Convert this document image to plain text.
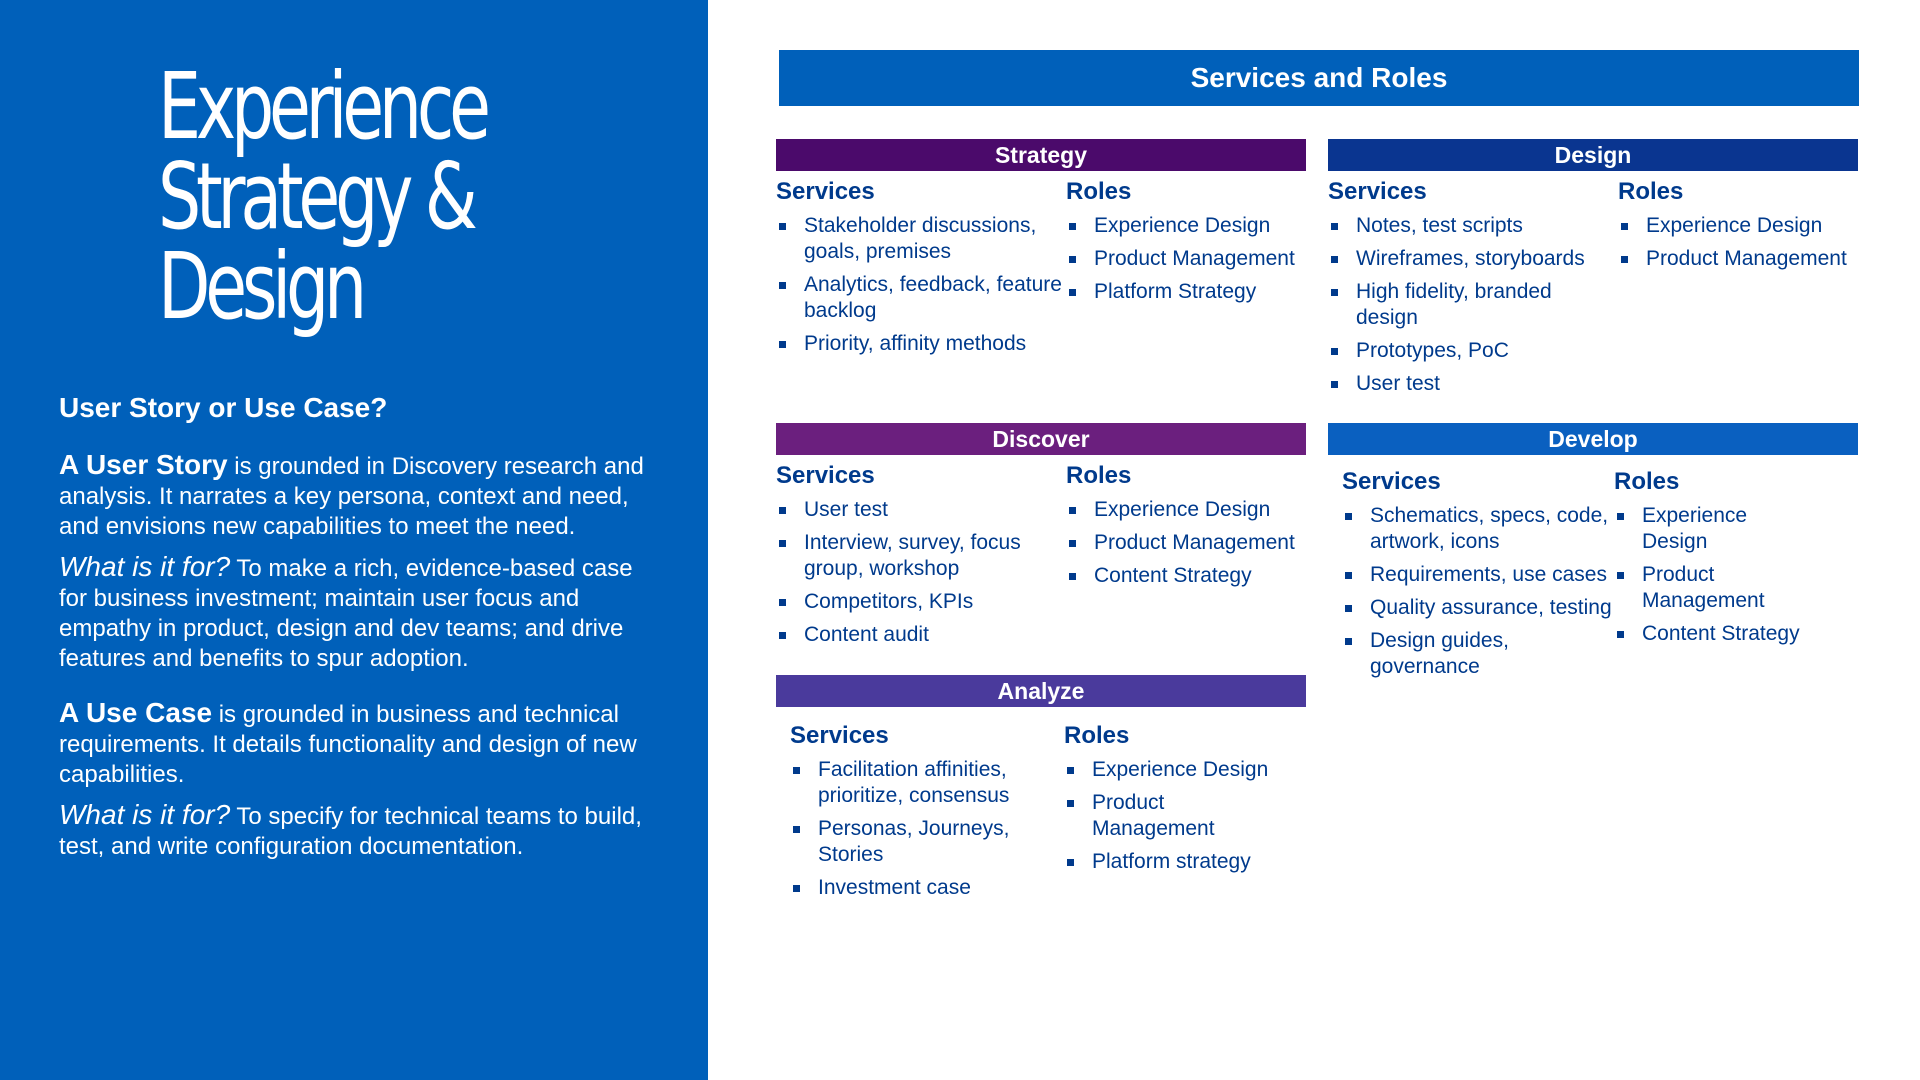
Experience
Strategy &
Design
User Story or Use Case?

A User Story is grounded in Discovery research and analysis. It narrates a key persona, context and need, and envisions new capabilities to meet the need.

What is it for? To make a rich, evidence-based case for business investment; maintain user focus and empathy in product, design and dev teams; and drive features and benefits to spur adoption.

A Use Case is grounded in business and technical requirements. It details functionality and design of new capabilities.

What is it for? To specify for technical teams to build, test, and write configuration documentation.

Services and Roles
Strategy
Services
Stakeholder discussions, goals, premises
Analytics, feedback, feature backlog
Priority, affinity methods
Roles
Experience Design
Product Management
Platform Strategy
Design
Services
Notes, test scripts
Wireframes, storyboards
High fidelity, branded design
Prototypes, PoC
User test
Roles
Experience Design
Product Management
Discover
Services
User test
Interview, survey, focus group, workshop
Competitors, KPIs
Content audit
Roles
Experience Design
Product Management
Content Strategy
Develop
Services
Schematics, specs, code, artwork, icons
Requirements, use cases
Quality assurance, testing
Design guides, governance
Roles
Experience Design
Product Management
Content Strategy
Analyze
Services
Facilitation affinities, prioritize, consensus
Personas, Journeys, Stories
Investment case
Roles
Experience Design
Product Management
Platform strategy
